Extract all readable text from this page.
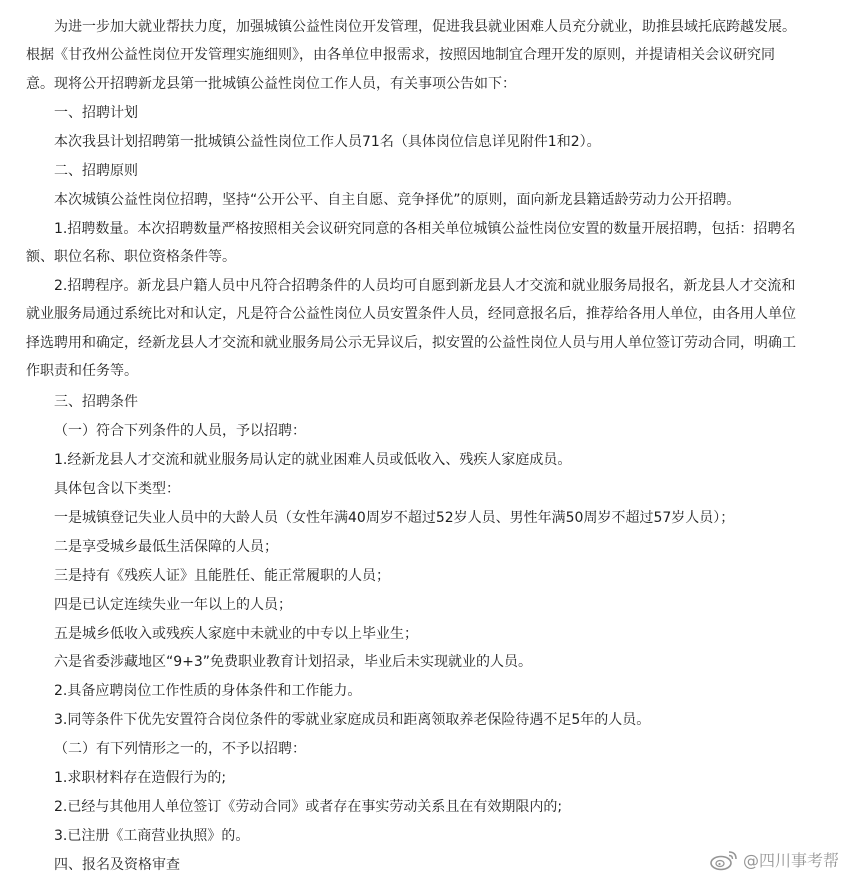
为进一步加大就业帮扶力度，加强城镇公益性岗位开发管理，促进我县就业困难人员充分就业，助推县域托底跨越发展。

根据《甘孜州公益性岗位开发管理实施细则》，由各单位申报需求，按照因地制宜合理开发的原则，并提请相关会议研究同

意。现将公开招聘新龙县第一批城镇公益性岗位工作人员，有关事项公告如下：

一、招聘计划

本次我县计划招聘第一批城镇公益性岗位工作人员71名（具体岗位信息详见附件1和2）。

二、招聘原则

本次城镇公益性岗位招聘，坚持“公开公平、自主自愿、竞争择优”的原则，面向新龙县籍适龄劳动力公开招聘。

1.招聘数量。本次招聘数量严格按照相关会议研究同意的各相关单位城镇公益性岗位安置的数量开展招聘，包括：招聘名

额、职位名称、职位资格条件等。

2.招聘程序。新龙县户籍人员中凡符合招聘条件的人员均可自愿到新龙县人才交流和就业服务局报名，新龙县人才交流和

就业服务局通过系统比对和认定，凡是符合公益性岗位人员安置条件人员，经同意报名后，推荐给各用人单位，由各用人单位

择选聘用和确定，经新龙县人才交流和就业服务局公示无异议后，拟安置的公益性岗位人员与用人单位签订劳动合同，明确工

作职责和任务等。

三、招聘条件

（一）符合下列条件的人员，予以招聘：

1.经新龙县人才交流和就业服务局认定的就业困难人员或低收入、残疾人家庭成员。

具体包含以下类型：

一是城镇登记失业人员中的大龄人员（女性年满40周岁不超过52岁人员、男性年满50周岁不超过57岁人员）；

二是享受城乡最低生活保障的人员；

三是持有《残疾人证》且能胜任、能正常履职的人员；

四是已认定连续失业一年以上的人员；

五是城乡低收入或残疾人家庭中未就业的中专以上毕业生；

六是省委涉藏地区“9+3”免费职业教育计划招录，毕业后未实现就业的人员。

2.具备应聘岗位工作性质的身体条件和工作能力。

3.同等条件下优先安置符合岗位条件的零就业家庭成员和距离领取养老保险待遇不足5年的人员。

（二）有下列情形之一的，不予以招聘：

1.求职材料存在造假行为的;

2.已经与其他用人单位签订《劳动合同》或者存在事实劳动关系且在有效期限内的;

3.已注册《工商营业执照》的。

四、报名及资格审查	@四川事考帮
